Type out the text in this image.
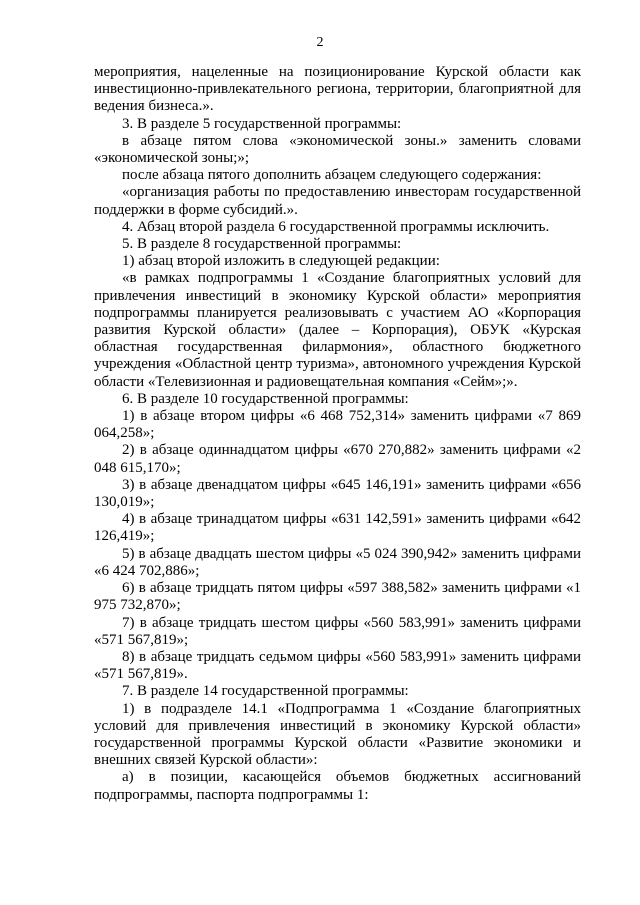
2

мероприятия, нацеленные на позиционирование Курской области как инвестиционно-привлекательного региона, территории, благоприятной для ведения бизнеса.».

3. В разделе 5 государственной программы:

в абзаце пятом слова «экономической зоны.» заменить словами «экономической зоны;»;

после абзаца пятого дополнить абзацем следующего содержания:

«организация работы по предоставлению инвесторам государственной поддержки в форме субсидий.».

4. Абзац второй раздела 6 государственной программы исключить.

5. В разделе 8 государственной программы:

1) абзац второй изложить в следующей редакции:

«в рамках подпрограммы 1 «Создание благоприятных условий для привлечения инвестиций в экономику Курской области» мероприятия подпрограммы планируется реализовывать с участием АО «Корпорация развития Курской области» (далее – Корпорация), ОБУК «Курская областная государственная филармония», областного бюджетного учреждения «Областной центр туризма», автономного учреждения Курской области «Телевизионная и радиовещательная компания «Сейм»;».

6. В разделе 10 государственной программы:

1) в абзаце втором цифры «6 468 752,314» заменить цифрами «7 869 064,258»;

2) в абзаце одиннадцатом цифры «670 270,882» заменить цифрами «2 048 615,170»;

3) в абзаце двенадцатом цифры «645 146,191» заменить цифрами «656 130,019»;

4) в абзаце тринадцатом цифры «631 142,591» заменить цифрами «642 126,419»;

5) в абзаце двадцать шестом цифры «5 024 390,942» заменить цифрами «6 424 702,886»;

6) в абзаце тридцать пятом цифры «597 388,582» заменить цифрами «1 975 732,870»;

7) в абзаце тридцать шестом цифры «560 583,991» заменить цифрами «571 567,819»;

8) в абзаце тридцать седьмом цифры «560 583,991» заменить цифрами «571 567,819».

7. В разделе 14 государственной программы:

1) в подразделе 14.1 «Подпрограмма 1 «Создание благоприятных условий для привлечения инвестиций в экономику Курской области» государственной программы Курской области «Развитие экономики и внешних связей Курской области»:

а) в позиции, касающейся объемов бюджетных ассигнований подпрограммы, паспорта подпрограммы 1:
